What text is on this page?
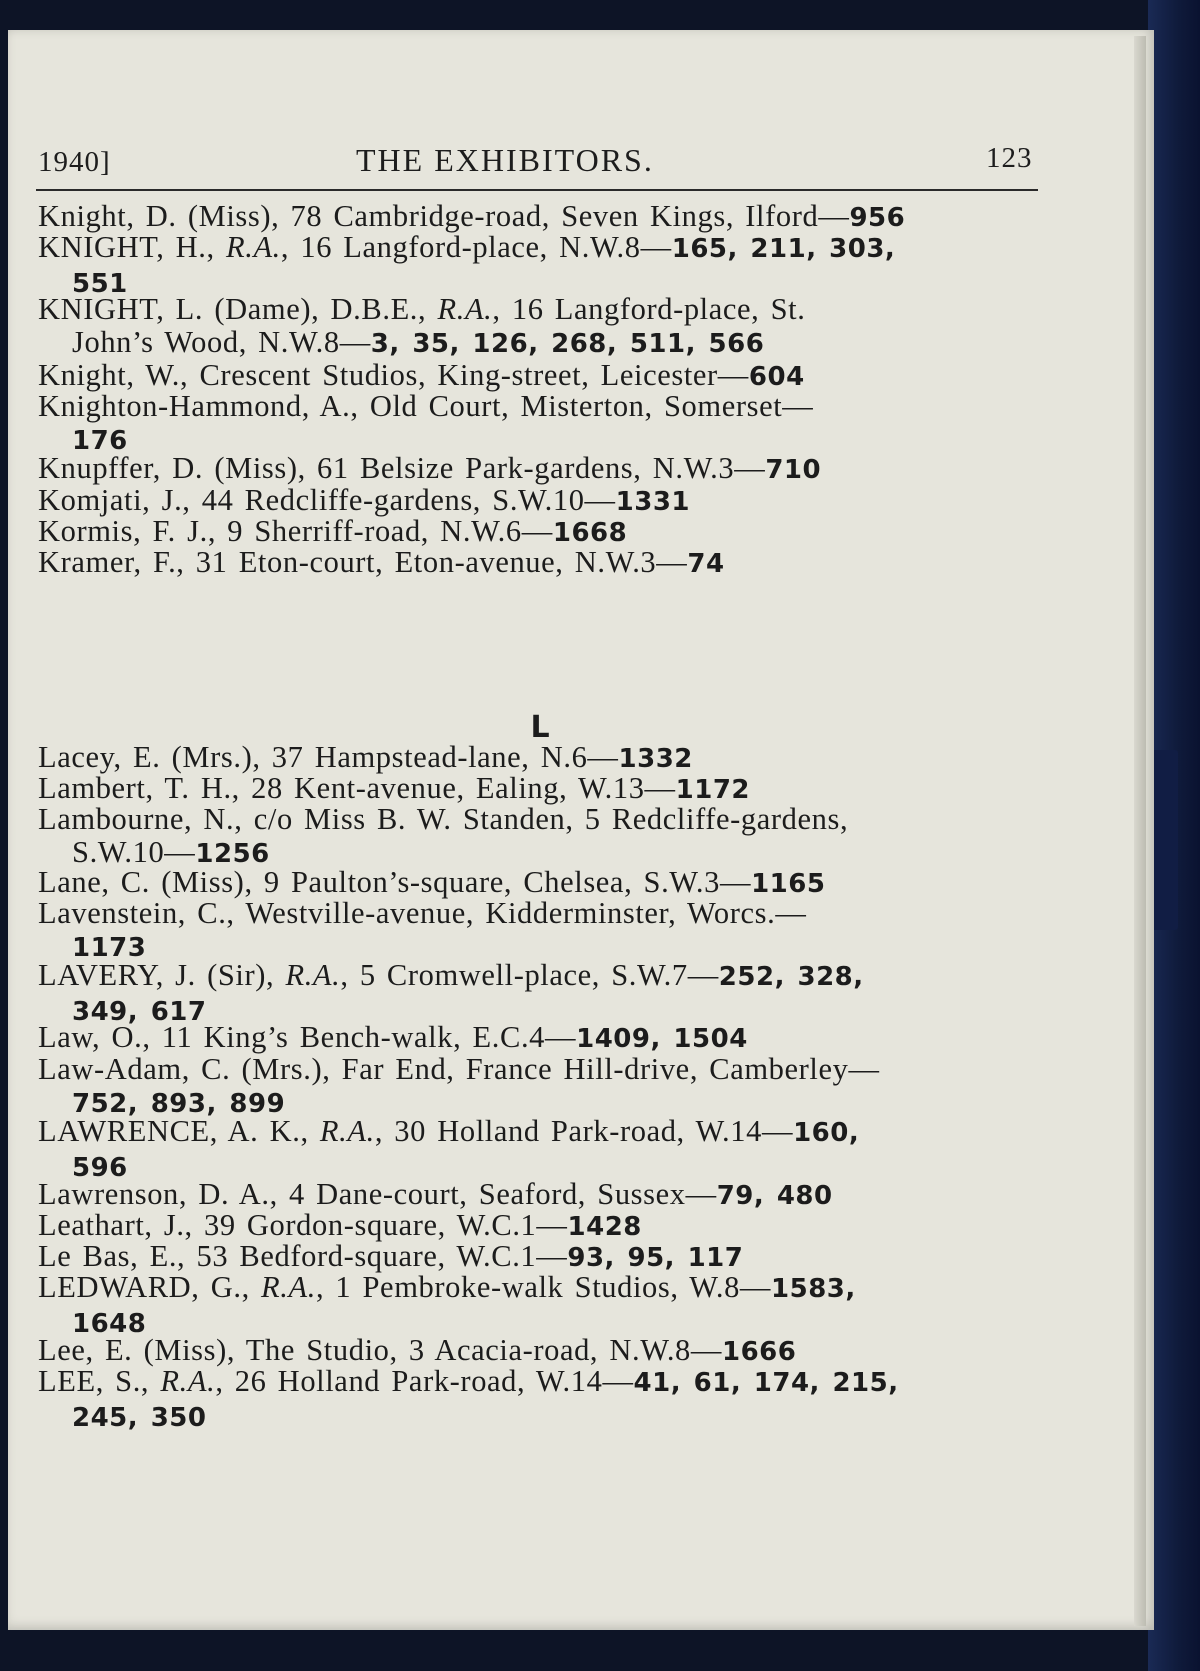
1940]	THE EXHIBITORS.	123
L
Knight, D. (Miss), 78 Cambridge-road, Seven Kings, Ilford—956
KNIGHT, H., R.A., 16 Langford-place, N.W.8—165, 211, 303,
551
KNIGHT, L. (Dame), D.B.E., R.A., 16 Langford-place, St.
John’s Wood, N.W.8—3, 35, 126, 268, 511, 566
Knight, W., Crescent Studios, King-street, Leicester—604
Knighton-Hammond, A., Old Court, Misterton, Somerset—
176
Knupffer, D. (Miss), 61 Belsize Park-gardens, N.W.3—710
Komjati, J., 44 Redcliffe-gardens, S.W.10—1331
Kormis, F. J., 9 Sherriff-road, N.W.6—1668
Kramer, F., 31 Eton-court, Eton-avenue, N.W.3—74
Lacey, E. (Mrs.), 37 Hampstead-lane, N.6—1332
Lambert, T. H., 28 Kent-avenue, Ealing, W.13—1172
Lambourne, N., c/o Miss B. W. Standen, 5 Redcliffe-gardens,
S.W.10—1256
Lane, C. (Miss), 9 Paulton’s-square, Chelsea, S.W.3—1165
Lavenstein, C., Westville-avenue, Kidderminster, Worcs.—
1173
LAVERY, J. (Sir), R.A., 5 Cromwell-place, S.W.7—252, 328,
349, 617
Law, O., 11 King’s Bench-walk, E.C.4—1409, 1504
Law-Adam, C. (Mrs.), Far End, France Hill-drive, Camberley—
752, 893, 899
LAWRENCE, A. K., R.A., 30 Holland Park-road, W.14—160,
596
Lawrenson, D. A., 4 Dane-court, Seaford, Sussex—79, 480
Leathart, J., 39 Gordon-square, W.C.1—1428
Le Bas, E., 53 Bedford-square, W.C.1—93, 95, 117
LEDWARD, G., R.A., 1 Pembroke-walk Studios, W.8—1583,
1648
Lee, E. (Miss), The Studio, 3 Acacia-road, N.W.8—1666
LEE, S., R.A., 26 Holland Park-road, W.14—41, 61, 174, 215,
245, 350
